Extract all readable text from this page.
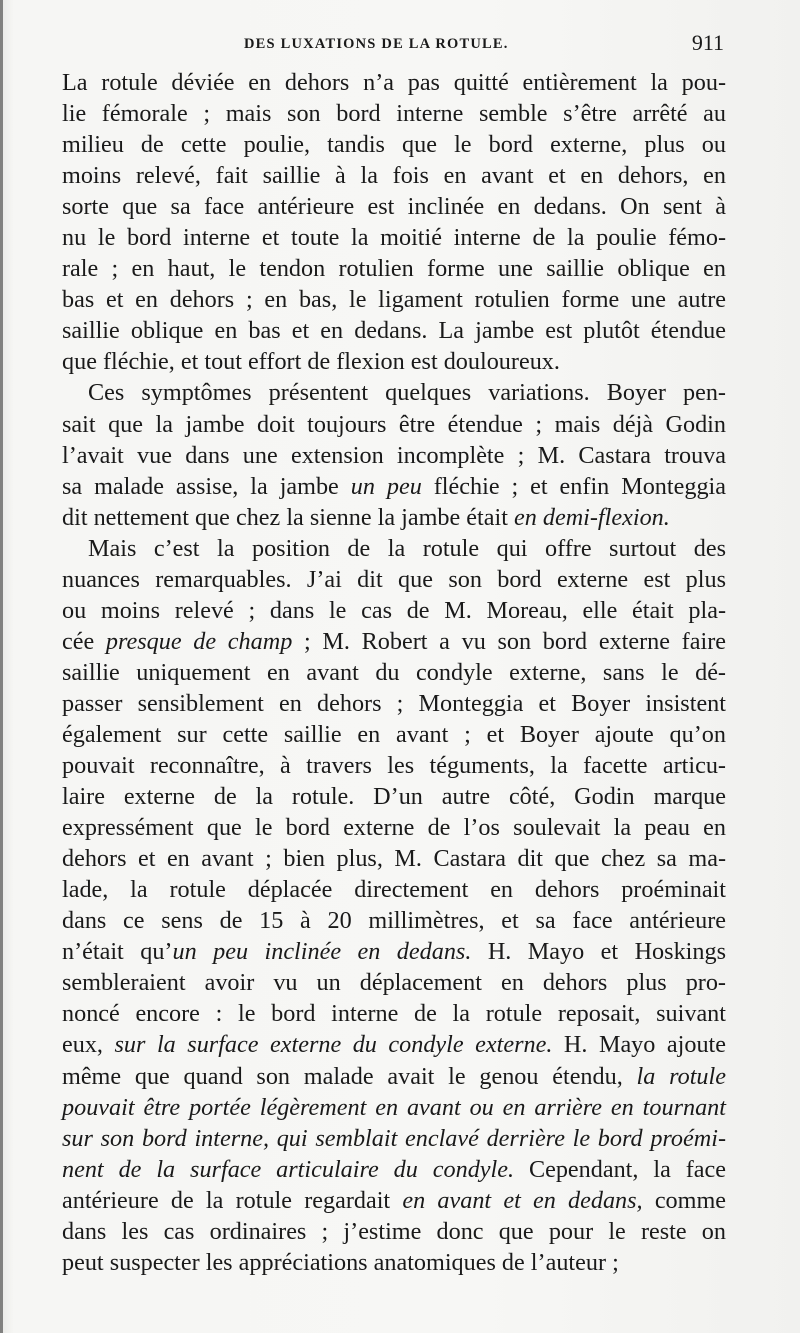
DES LUXATIONS DE LA ROTULE.	911
La rotule déviée en dehors n’a pas quitté entièrement la pou-
lie fémorale ; mais son bord interne semble s’être arrêté au
milieu de cette poulie, tandis que le bord externe, plus ou
moins relevé, fait saillie à la fois en avant et en dehors, en
sorte que sa face antérieure est inclinée en dedans. On sent à
nu le bord interne et toute la moitié interne de la poulie fémo-
rale ; en haut, le tendon rotulien forme une saillie oblique en
bas et en dehors ; en bas, le ligament rotulien forme une autre
saillie oblique en bas et en dedans. La jambe est plutôt étendue
que fléchie, et tout effort de flexion est douloureux.
Ces symptômes présentent quelques variations. Boyer pen-
sait que la jambe doit toujours être étendue ; mais déjà Godin
l’avait vue dans une extension incomplète ; M. Castara trouva
sa malade assise, la jambe un peu fléchie ; et enfin Monteggia
dit nettement que chez la sienne la jambe était en demi-flexion.
Mais c’est la position de la rotule qui offre surtout des
nuances remarquables. J’ai dit que son bord externe est plus
ou moins relevé ; dans le cas de M. Moreau, elle était pla-
cée presque de champ ; M. Robert a vu son bord externe faire
saillie uniquement en avant du condyle externe, sans le dé-
passer sensiblement en dehors ; Monteggia et Boyer insistent
également sur cette saillie en avant ; et Boyer ajoute qu’on
pouvait reconnaître, à travers les téguments, la facette articu-
laire externe de la rotule. D’un autre côté, Godin marque
expressément que le bord externe de l’os soulevait la peau en
dehors et en avant ; bien plus, M. Castara dit que chez sa ma-
lade, la rotule déplacée directement en dehors proéminait
dans ce sens de 15 à 20 millimètres, et sa face antérieure
n’était qu’un peu inclinée en dedans. H. Mayo et Hoskings
sembleraient avoir vu un déplacement en dehors plus pro-
noncé encore : le bord interne de la rotule reposait, suivant
eux, sur la surface externe du condyle externe. H. Mayo ajoute
même que quand son malade avait le genou étendu, la rotule
pouvait être portée légèrement en avant ou en arrière en tournant
sur son bord interne, qui semblait enclavé derrière le bord proémi-
nent de la surface articulaire du condyle. Cependant, la face
antérieure de la rotule regardait en avant et en dedans, comme
dans les cas ordinaires ; j’estime donc que pour le reste on
peut suspecter les appréciations anatomiques de l’auteur ;
